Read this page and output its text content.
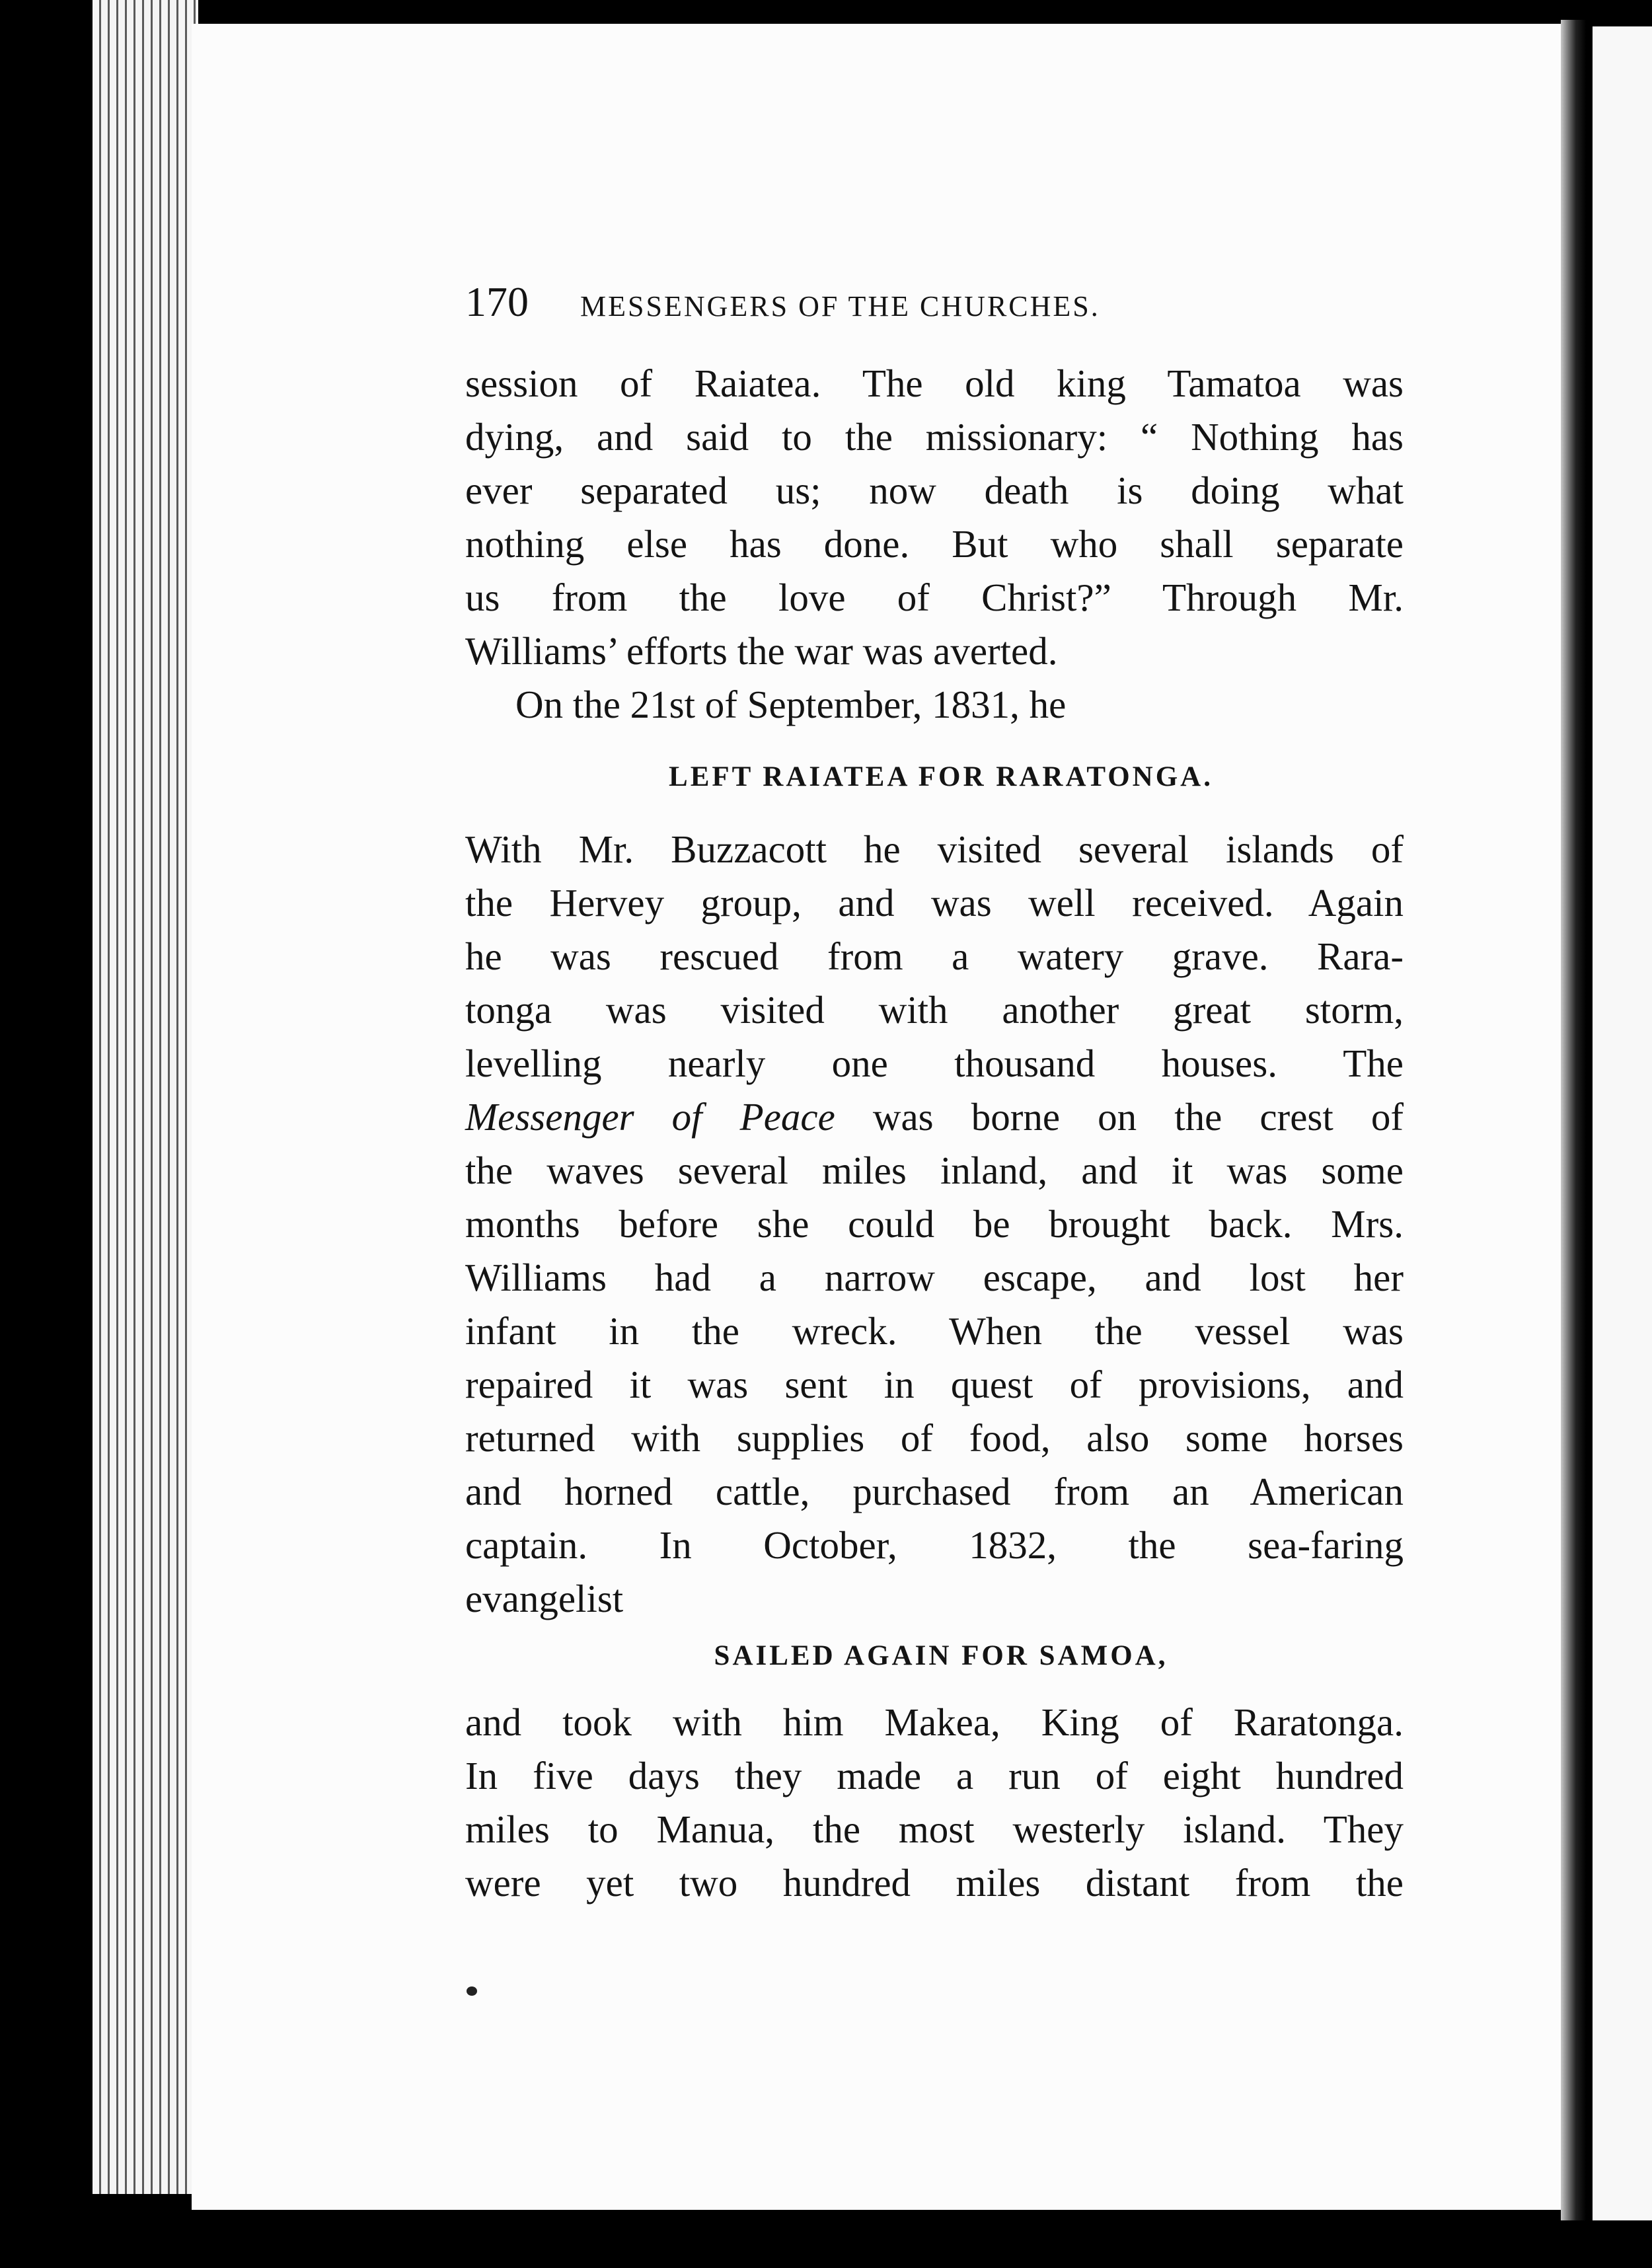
170 MESSENGERS OF THE CHURCHES.

session of Raiatea. The old king Tamatoa was
dying, and said to the missionary: “ Nothing has
ever separated us; now death is doing what
nothing else has done. But who shall separate
us from the love of Christ?” Through Mr.
Williams’ efforts the war was averted.

On the 21st of September, 1831, he

LEFT RAIATEA FOR RARATONGA.

With Mr. Buzzacott he visited several islands of
the Hervey group, and was well received. Again
he was rescued from a watery grave. Rara-
tonga was visited with another great storm,
levelling nearly one thousand houses. The
Messenger of Peace was borne on the crest of
the waves several miles inland, and it was some
months before she could be brought back. Mrs.
Williams had a narrow escape, and lost her
infant in the wreck. When the vessel was
repaired it was sent in quest of provisions, and
returned with supplies of food, also some horses
and horned cattle, purchased from an American
captain. In October, 1832, the sea-faring
evangelist

SAILED AGAIN FOR SAMOA,

and took with him Makea, King of Raratonga.
In five days they made a run of eight hundred
miles to Manua, the most westerly island. They
were yet two hundred miles distant from the
